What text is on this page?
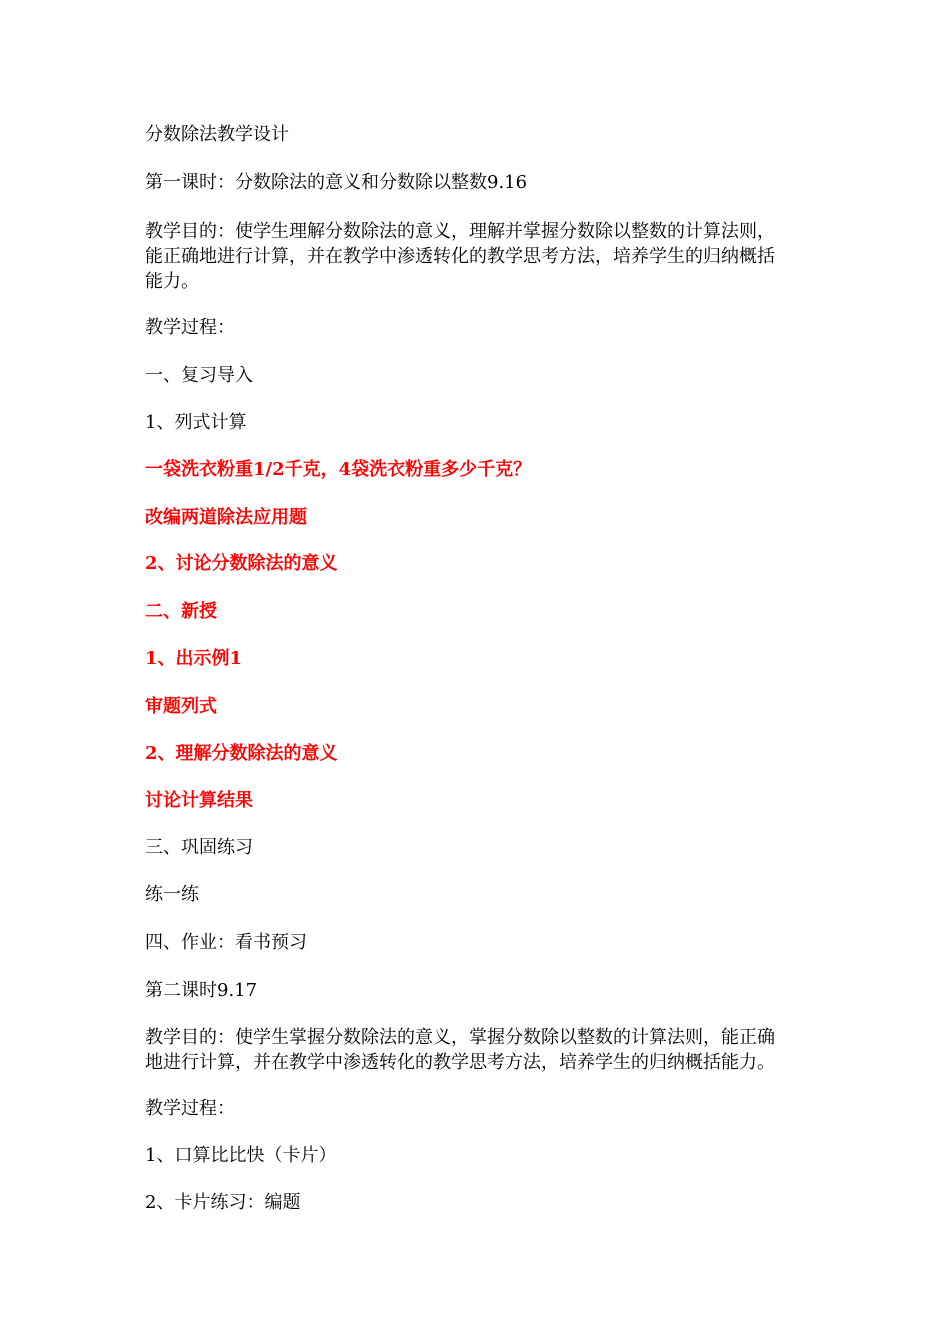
分数除法教学设计

第一课时：分数除法的意义和分数除以整数9.16

教学目的：使学生理解分数除法的意义，理解并掌握分数除以整数的计算法则，
能正确地进行计算，并在教学中渗透转化的教学思考方法，培养学生的归纳概括
能力。

教学过程：

一、复习导入

1、列式计算

一袋洗衣粉重1/2千克，4袋洗衣粉重多少千克？

改编两道除法应用题

2、讨论分数除法的意义

二、新授

1、出示例1

审题列式

2、理解分数除法的意义

讨论计算结果

三、巩固练习

练一练

四、作业：看书预习

第二课时9.17

教学目的：使学生掌握分数除法的意义，掌握分数除以整数的计算法则，能正确
地进行计算，并在教学中渗透转化的教学思考方法，培养学生的归纳概括能力。

教学过程：

1、口算比比快（卡片）

2、卡片练习：编题
